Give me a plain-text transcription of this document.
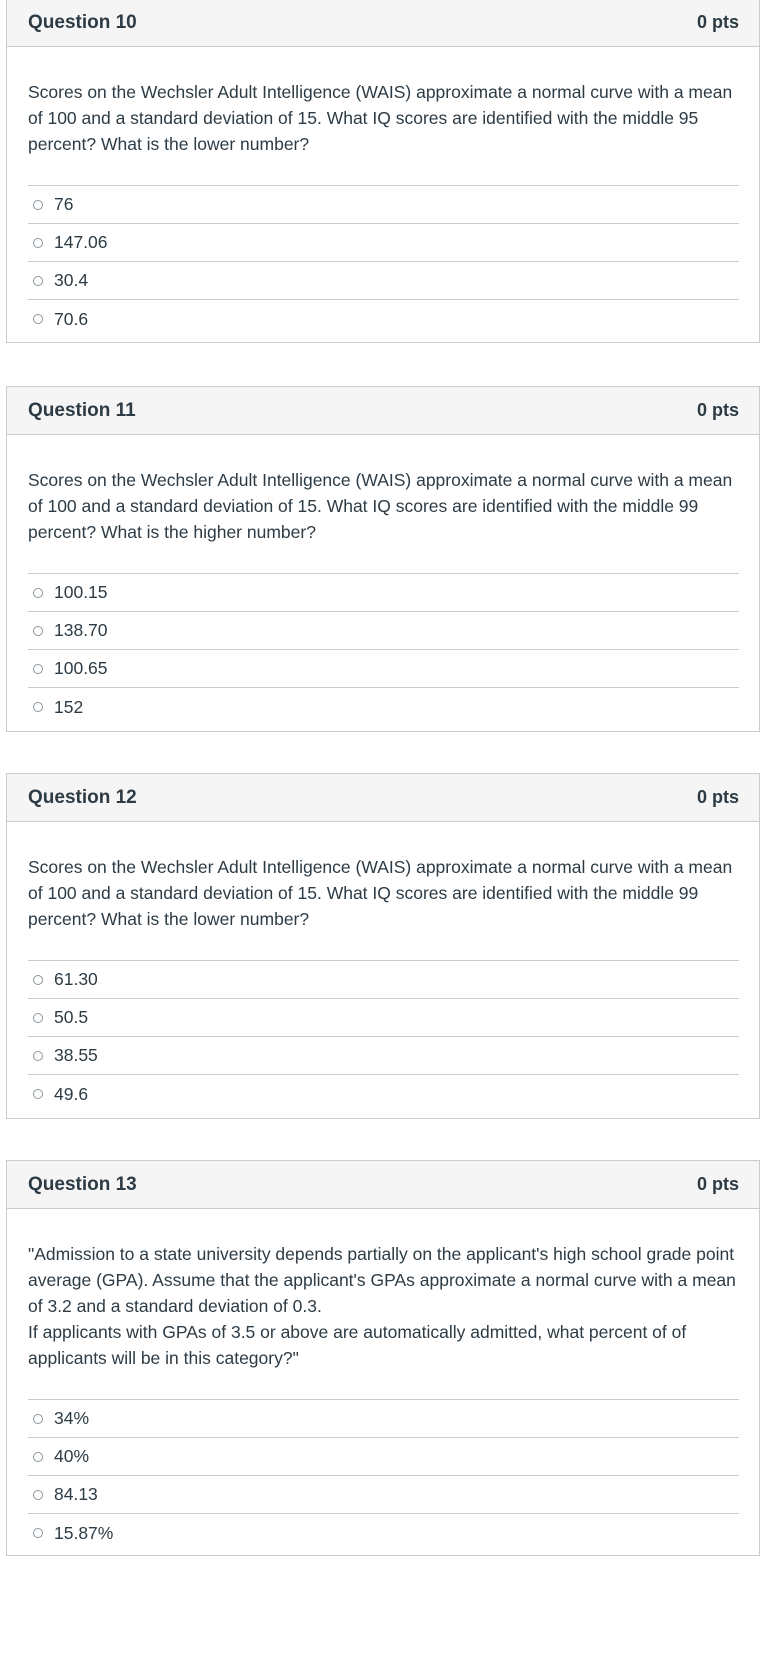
Question 10	0 pts

Scores on the Wechsler Adult Intelligence (WAIS) approximate a normal curve with a mean of 100 and a standard deviation of 15. What IQ scores are identified with the middle 95 percent? What is the lower number?

76
147.06
30.4
70.6
Question 11	0 pts

Scores on the Wechsler Adult Intelligence (WAIS) approximate a normal curve with a mean of 100 and a standard deviation of 15. What IQ scores are identified with the middle 99 percent? What is the higher number?

100.15
138.70
100.65
152
Question 12	0 pts

Scores on the Wechsler Adult Intelligence (WAIS) approximate a normal curve with a mean of 100 and a standard deviation of 15. What IQ scores are identified with the middle 99 percent? What is the lower number?

61.30
50.5
38.55
49.6
Question 13	0 pts

"Admission to a state university depends partially on the applicant's high school grade point average (GPA). Assume that the applicant's GPAs approximate a normal curve with a mean of 3.2 and a standard deviation of 0.3.
If applicants with GPAs of 3.5 or above are automatically admitted, what percent of of applicants will be in this category?"

34%
40%
84.13
15.87%
